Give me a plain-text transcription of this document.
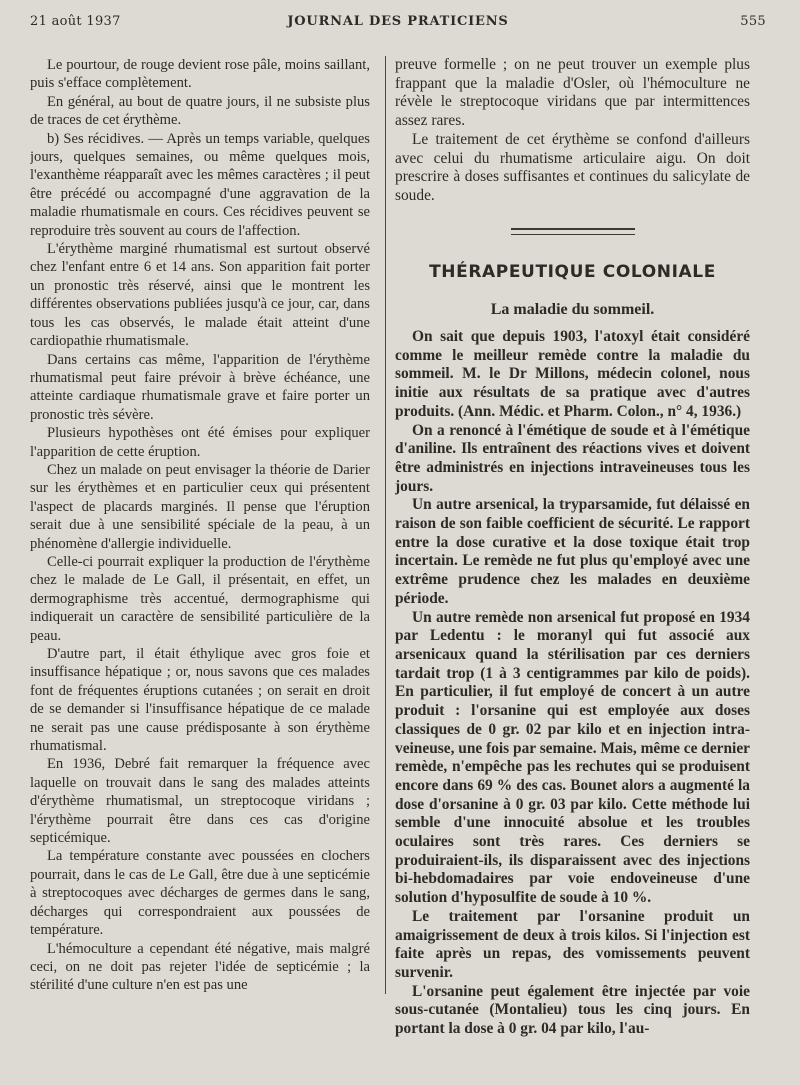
21 août 1937	JOURNAL DES PRATICIENS	555

Le pourtour, de rouge devient rose pâle, moins saillant, puis s'efface complètement.

En général, au bout de quatre jours, il ne subsiste plus de traces de cet érythème.

b) Ses récidives. — Après un temps variable, quelques jours, quelques semaines, ou même quelques mois, l'exanthème réapparaît avec les mêmes caractères ; il peut être précédé ou accompagné d'une aggravation de la maladie rhumatismale en cours. Ces récidives peuvent se reproduire très souvent au cours de l'affection.

L'érythème marginé rhumatismal est surtout observé chez l'enfant entre 6 et 14 ans. Son apparition fait porter un pronostic très réservé, ainsi que le montrent les différentes observations publiées jusqu'à ce jour, car, dans tous les cas observés, le malade était atteint d'une cardiopathie rhumatismale.

Dans certains cas même, l'apparition de l'érythème rhumatismal peut faire prévoir à brève échéance, une atteinte cardiaque rhumatismale grave et faire porter un pronostic très sévère.

Plusieurs hypothèses ont été émises pour expliquer l'apparition de cette éruption.

Chez un malade on peut envisager la théorie de Darier sur les érythèmes et en particulier ceux qui présentent l'aspect de placards marginés. Il pense que l'éruption serait due à une sensibilité spéciale de la peau, à un phénomène d'allergie individuelle.

Celle-ci pourrait expliquer la production de l'érythème chez le malade de Le Gall, il présentait, en effet, un dermographisme très accentué, dermographisme qui indiquerait un caractère de sensibilité particulière de la peau.

D'autre part, il était éthylique avec gros foie et insuffisance hépatique ; or, nous savons que ces malades font de fréquentes éruptions cutanées ; on serait en droit de se demander si l'insuffisance hépatique de ce malade ne serait pas une cause prédisposante à son érythème rhumatismal.

En 1936, Debré fait remarquer la fréquence avec laquelle on trouvait dans le sang des malades atteints d'érythème rhumatismal, un streptocoque viridans ; l'érythème pourrait être dans ces cas d'origine septicémique.

La température constante avec poussées en clochers pourrait, dans le cas de Le Gall, être due à une septicémie à streptocoques avec décharges de germes dans le sang, décharges qui correspondraient aux poussées de température.

L'hémoculture a cependant été négative, mais malgré ceci, on ne doit pas rejeter l'idée de septicémie ; la stérilité d'une culture n'en est pas une

preuve formelle ; on ne peut trouver un exemple plus frappant que la maladie d'Osler, où l'hémoculture ne révèle le streptocoque viridans que par intermittences assez rares.

Le traitement de cet érythème se confond d'ailleurs avec celui du rhumatisme articulaire aigu. On doit prescrire à doses suffisantes et continues du salicylate de soude.

THÉRAPEUTIQUE COLONIALE
La maladie du sommeil.

On sait que depuis 1903, l'atoxyl était considéré comme le meilleur remède contre la maladie du sommeil. M. le Dr Millons, médecin colonel, nous initie aux résultats de sa pratique avec d'autres produits. (Ann. Médic. et Pharm. Colon., n° 4, 1936.)

On a renoncé à l'émétique de soude et à l'émétique d'aniline. Ils entraînent des réactions vives et doivent être administrés en injections intraveineuses tous les jours.

Un autre arsenical, la tryparsamide, fut délaissé en raison de son faible coefficient de sécurité. Le rapport entre la dose curative et la dose toxique était trop incertain. Le remède ne fut plus qu'employé avec une extrême prudence chez les malades en deuxième période.

Un autre remède non arsenical fut proposé en 1934 par Ledentu : le moranyl qui fut associé aux arsenicaux quand la stérilisation par ces derniers tardait trop (1 à 3 centigrammes par kilo de poids). En particulier, il fut employé de concert à un autre produit : l'orsanine qui est employée aux doses classiques de 0 gr. 02 par kilo et en injection intra-veineuse, une fois par semaine. Mais, même ce dernier remède, n'empêche pas les rechutes qui se produisent encore dans 69 % des cas. Bounet alors a augmenté la dose d'orsanine à 0 gr. 03 par kilo. Cette méthode lui semble d'une innocuité absolue et les troubles oculaires sont très rares. Ces derniers se produiraient-ils, ils disparaissent avec des injections bi-hebdomadaires par voie endoveineuse d'une solution d'hyposulfite de soude à 10 %.

Le traitement par l'orsanine produit un amaigrissement de deux à trois kilos. Si l'injection est faite après un repas, des vomissements peuvent survenir.

L'orsanine peut également être injectée par voie sous-cutanée (Montalieu) tous les cinq jours. En portant la dose à 0 gr. 04 par kilo, l'au-
